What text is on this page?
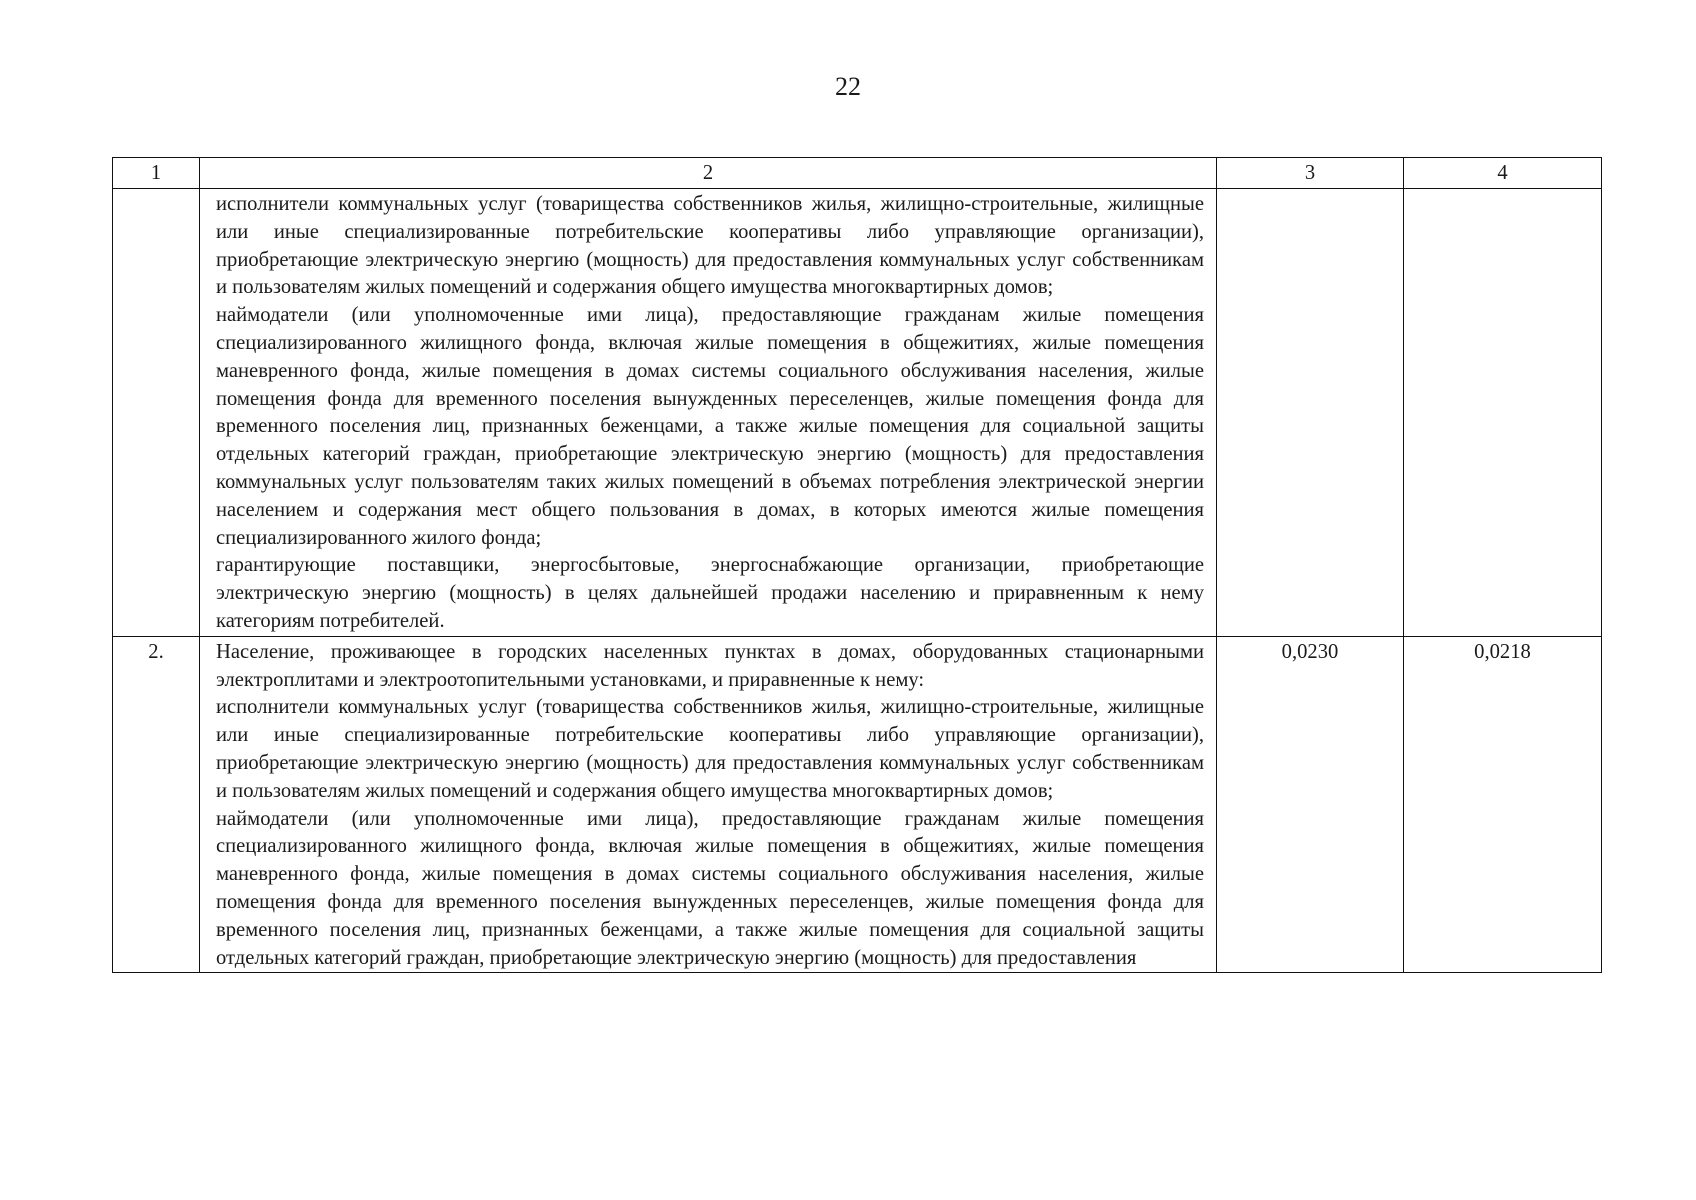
22
1	2	3	4

	исполнители коммунальных услуг (товарищества собственников жилья, жилищно-строительные, жилищные или иные специализированные потребительские кооперативы либо управляющие организации), приобретающие электрическую энергию (мощность) для предоставления коммунальных услуг собственникам и пользователям жилых помещений и содержания общего имущества многоквартирных домов;

наймодатели (или уполномоченные ими лица), предоставляющие гражданам жилые помещения специализированного жилищного фонда, включая жилые помещения в общежитиях, жилые помещения маневренного фонда, жилые помещения в домах системы социального обслуживания населения, жилые помещения фонда для временного поселения вынужденных переселенцев, жилые помещения фонда для временного поселения лиц, признанных беженцами, а также жилые помещения для социальной защиты отдельных категорий граждан, приобретающие электрическую энергию (мощность) для предоставления коммунальных услуг пользователям таких жилых помещений в объемах потребления электрической энергии населением и содержания мест общего пользования в домах, в которых имеются жилые помещения специализированного жилого фонда;

гарантирующие поставщики, энергосбытовые, энергоснабжающие организации, приобретающие электрическую энергию (мощность) в целях дальнейшей продажи населению и приравненным к нему категориям потребителей.		

2.	Население, проживающее в городских населенных пунктах в домах, оборудованных стационарными электроплитами и электроотопительными установками, и приравненные к нему:

исполнители коммунальных услуг (товарищества собственников жилья, жилищно-строительные, жилищные или иные специализированные потребительские кооперативы либо управляющие организации), приобретающие электрическую энергию (мощность) для предоставления коммунальных услуг собственникам и пользователям жилых помещений и содержания общего имущества многоквартирных домов;

наймодатели (или уполномоченные ими лица), предоставляющие гражданам жилые помещения специализированного жилищного фонда, включая жилые помещения в общежитиях, жилые помещения маневренного фонда, жилые помещения в домах системы социального обслуживания населения, жилые помещения фонда для временного поселения вынужденных переселенцев, жилые помещения фонда для временного поселения лиц, признанных беженцами, а также жилые помещения для социальной защиты отдельных категорий граждан, приобретающие электрическую энергию (мощность) для предоставления	0,0230	0,0218
